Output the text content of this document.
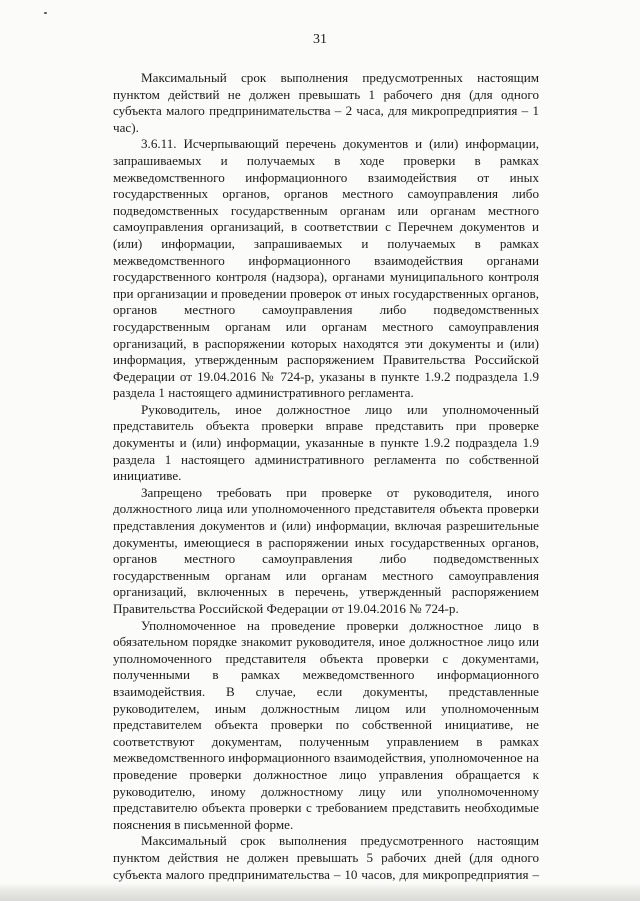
31

Максимальный срок выполнения предусмотренных настоящим пунктом действий не должен превышать 1 рабочего дня (для одного субъекта малого предпринимательства – 2 часа, для микропредприятия – 1 час).

3.6.11. Исчерпывающий перечень документов и (или) информации, запрашиваемых и получаемых в ходе проверки в рамках межведомственного информационного взаимодействия от иных государственных органов, органов местного самоуправления либо подведомственных государственным органам или органам местного самоуправления организаций, в соответствии с Перечнем документов и (или) информации, запрашиваемых и получаемых в рамках межведомственного информационного взаимодействия органами государственного контроля (надзора), органами муниципального контроля при организации и проведении проверок от иных государственных органов, органов местного самоуправления либо подведомственных государственным органам или органам местного самоуправления организаций, в распоряжении которых находятся эти документы и (или) информация, утвержденным распоряжением Правительства Российской Федерации от 19.04.2016 № 724-р, указаны в пункте 1.9.2 подраздела 1.9 раздела 1 настоящего административного регламента.

Руководитель, иное должностное лицо или уполномоченный представитель объекта проверки вправе представить при проверке документы и (или) информации, указанные в пункте 1.9.2 подраздела 1.9 раздела 1 настоящего административного регламента по собственной инициативе.

Запрещено требовать при проверке от руководителя, иного должностного лица или уполномоченного представителя объекта проверки представления документов и (или) информации, включая разрешительные документы, имеющиеся в распоряжении иных государственных органов, органов местного самоуправления либо подведомственных государственным органам или органам местного самоуправления организаций, включенных в перечень, утвержденный распоряжением Правительства Российской Федерации от 19.04.2016 № 724-р.

Уполномоченное на проведение проверки должностное лицо в обязательном порядке знакомит руководителя, иное должностное лицо или уполномоченного представителя объекта проверки с документами, полученными в рамках межведомственного информационного взаимодействия. В случае, если документы, представленные руководителем, иным должностным лицом или уполномоченным представителем объекта проверки по собственной инициативе, не соответствуют документам, полученным управлением в рамках межведомственного информационного взаимодействия, уполномоченное на проведение проверки должностное лицо управления обращается к руководителю, иному должностному лицу или уполномоченному представителю объекта проверки с требованием представить необходимые пояснения в письменной форме.

Максимальный срок выполнения предусмотренного настоящим пунктом действия не должен превышать 5 рабочих дней (для одного субъекта малого предпринимательства – 10 часов, для микропредприятия –
